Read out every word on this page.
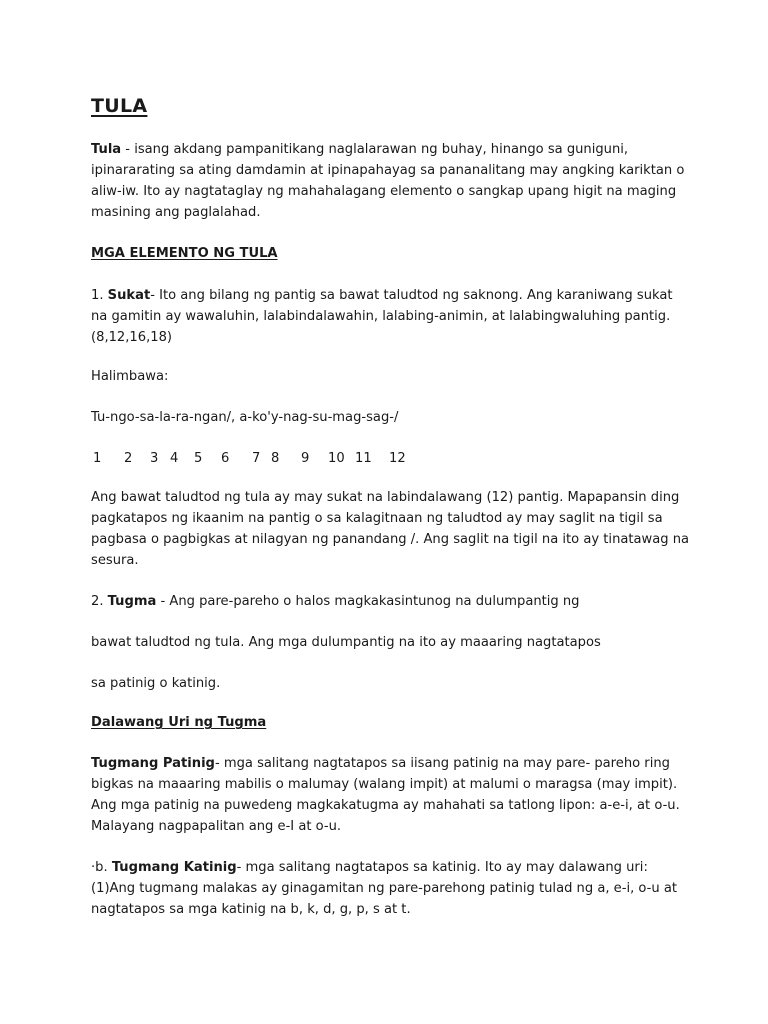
TULA

Tula - isang akdang pampanitikang naglalarawan ng buhay, hinango sa guniguni, ipinararating sa ating damdamin at ipinapahayag sa pananalitang may angking kariktan o aliw-iw. Ito ay nagtataglay ng mahahalagang elemento o sangkap upang higit na maging masining ang paglalahad.

MGA ELEMENTO NG TULA

1. Sukat- Ito ang bilang ng pantig sa bawat taludtod ng saknong. Ang karaniwang sukat na gamitin ay wawaluhin, lalabindalawahin, lalabing-animin, at lalabingwaluhing pantig. (8,12,16,18)

Halimbawa:

Tu-ngo-sa-la-ra-ngan/, a-ko'y-nag-su-mag-sag-/

1 2 3 4 5 6 7 8 9 10 11 12

Ang bawat taludtod ng tula ay may sukat na labindalawang (12) pantig. Mapapansin ding pagkatapos ng ikaanim na pantig o sa kalagitnaan ng taludtod ay may saglit na tigil sa pagbasa o pagbigkas at nilagyan ng panandang /. Ang saglit na tigil na ito ay tinatawag na sesura.

2. Tugma - Ang pare-pareho o halos magkakasintunog na dulumpantig ng

bawat taludtod ng tula. Ang mga dulumpantig na ito ay maaaring nagtatapos

sa patinig o katinig.

Dalawang Uri ng Tugma

Tugmang Patinig- mga salitang nagtatapos sa iisang patinig na may pare- pareho ring bigkas na maaaring mabilis o malumay (walang impit) at malumi o maragsa (may impit). Ang mga patinig na puwedeng magkakatugma ay mahahati sa tatlong lipon: a-e-i, at o-u. Malayang nagpapalitan ang e-I at o-u.

·b. Tugmang Katinig- mga salitang nagtatapos sa katinig. Ito ay may dalawang uri: (1)Ang tugmang malakas ay ginagamitan ng pare-parehong patinig tulad ng a, e-i, o-u at nagtatapos sa mga katinig na b, k, d, g, p, s at t.
